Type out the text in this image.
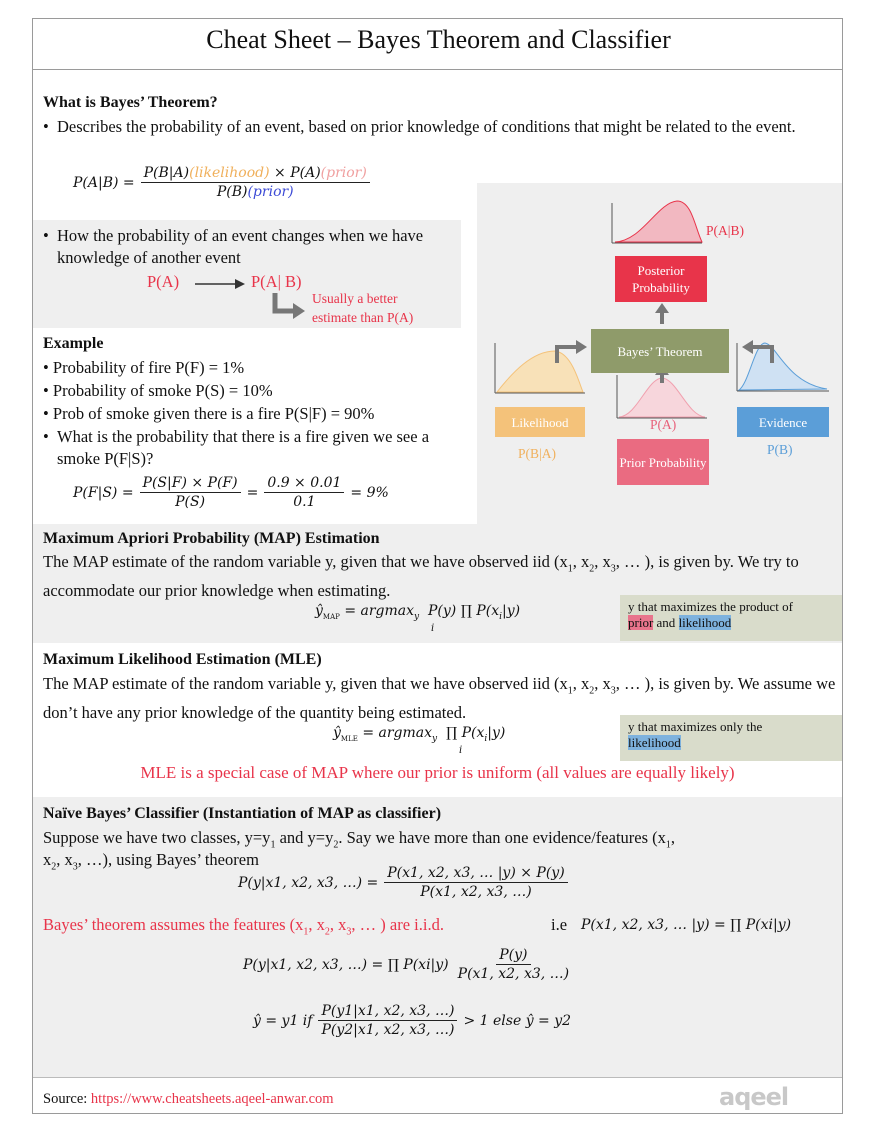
Cheat Sheet – Bayes Theorem and Classifier
What is Bayes’ Theorem?
• Describes the probability of an event, based on prior knowledge of conditions that might be related to the event.
$P(A|B) = \frac{\text{P(B|A)(likelihood) × P(A)(prior)}}{\text{P(B)(prior)}}$
• How the probability of an event changes when we have knowledge of another event
P(A)	P(A| B)
Usually a better estimate than P(A)
Example
• Probability of fire P(F) = 1%
• Probability of smoke P(S) = 10%
• Prob of smoke given there is a fire P(S|F) = 90%
• What is the probability that there is a fire given we see a smoke P(F|S)?
$P(F|S) = \frac{P(S|F) \times P(F)}{P(S)} = \frac{0.9 \times 0.01}{0.1} = 9\%$
P(A|B)
Posterior Probability
Bayes’ Theorem
Likelihood
P(B|A)
P(A)
Prior Probability
Evidence
P(B)
Maximum Apriori Probability (MAP) Estimation
The MAP estimate of the random variable y, given that we have observed iid ($x_1$, $x_2$, $x_3$, … ), is given by. We try to accommodate our prior knowledge when estimating.
$ŷ_{MAP} = argmax_y$ P(y) ∏ $P(x_i|y)$
i
y that maximizes the product of
prior and likelihood
Maximum Likelihood Estimation (MLE)
The MAP estimate of the random variable y, given that we have observed iid ($x_1$, $x_2$, $x_3$, … ), is given by. We assume we don’t have any prior knowledge of the quantity being estimated.
$ŷ_{MLE} = argmax_y$ ∏ $P(x_i|y)$
i
y that maximizes only the
likelihood
MLE is a special case of MAP where our prior is uniform (all values are equally likely)
Naïve Bayes’ Classifier (Instantiation of MAP as classifier)
Suppose we have two classes, $y=y_1$ and $y=y_2$. Say we have more than one evidence/features ($x_1$,
$x_2$, $x_3$, …), using Bayes’ theorem
P(y|x1, x2, x3, …) = $\frac{P(x1, x2, x3, \dots |y) \times P(y)}{P(x1, x2, x3, \dots)}$
Bayes’ theorem assumes the features ($x_1$, $x_2$, $x_3$, … ) are i.i.d.	i.e P(x1, x2, x3, … |y) = ∏ P(xi|y)
P(y|x1, x2, x3, …) = ∏ $P(xi|y) \frac{P(y)}{P(x1, x2, x3, \dots)}$
ŷ = y1 if $\frac{P(y1|x1, x2, x3, \dots)}{P(y2|x1, x2, x3, \dots)} > 1$ else ŷ = y2
Source: https://www.cheatsheets.aqeel-anwar.com	aqeel
